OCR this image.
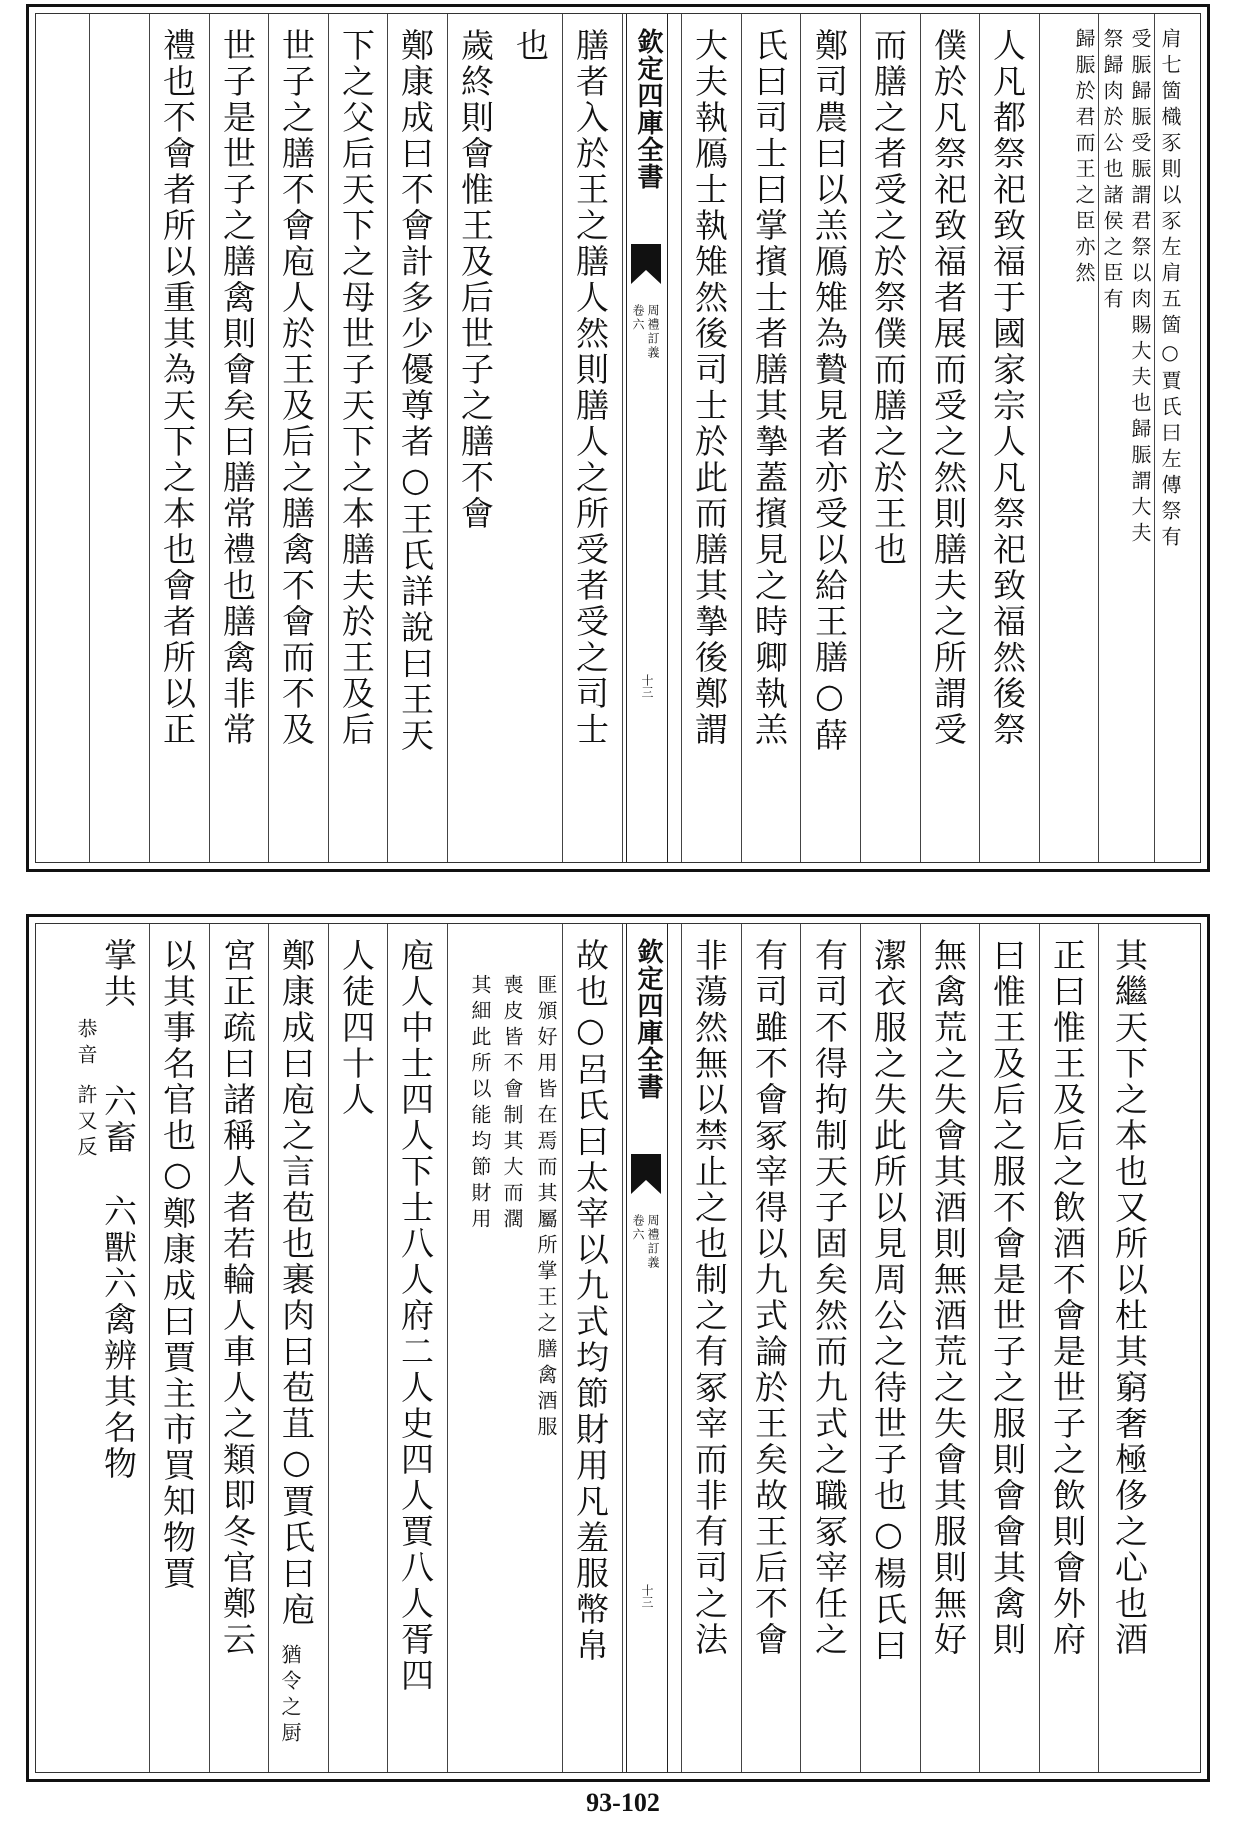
肩七箇樴豕則以豕左肩五箇○賈氏曰左傳祭有
受脤歸脤受脤謂君祭以肉賜大夫也歸脤謂大夫
祭歸肉於公也諸侯之臣有
歸脤於君而王之臣亦然
人凡都祭祀致福于國家宗人凡祭祀致福然後祭
僕於凡祭祀致福者展而受之然則膳夫之所謂受
而膳之者受之於祭僕而膳之於王也
鄭司農曰以羔鴈雉為贄見者亦受以給王膳○薛
氏曰司士曰掌擯士者膳其摯蓋擯見之時卿執羔
大夫執鴈士執雉然後司士於此而膳其摯後鄭謂
膳者入於王之膳人然則膳人之所受者受之司士
也
歲終則會惟王及后世子之膳不會
鄭康成曰不會計多少優尊者○王氏詳說曰王天
下之父后天下之母世子天下之本膳夫於王及后
世子之膳不會庖人於王及后之膳禽不會而不及
世子是世子之膳禽則會矣曰膳常禮也膳禽非常
禮也不會者所以重其為天下之本也會者所以正	欽定四庫全書
周禮訂義
卷六
十三
其繼天下之本也又所以杜其窮奢極侈之心也酒
正曰惟王及后之飲酒不會是世子之飲則會外府
曰惟王及后之服不會是世子之服則會會其禽則
無禽荒之失會其酒則無酒荒之失會其服則無好
潔衣服之失此所以見周公之待世子也○楊氏曰
有司不得拘制天子固矣然而九式之職冢宰任之
有司雖不會冢宰得以九式論於王矣故王后不會
非蕩然無以禁止之也制之有冢宰而非有司之法
故也○呂氏曰太宰以九式均節財用凡羞服幣帛
匪頒好用皆在焉而其屬所掌王之膳禽酒服
喪皮皆不會制其大而濶
其細此所以能均節財用
庖人中士四人下士八人府二人史四人賈八人胥四
人徒四十人
鄭康成曰庖之言苞也裹肉曰苞苴○賈氏曰庖
猶令之厨
宮正疏曰諸稱人者若輪人車人之類即冬官鄭云
以其事名官也○鄭康成曰賈主市買知物賈
掌共
恭音
六畜
許又反
六獸六禽辨其名物
欽定四庫全書
周禮訂義
卷六
十三
93-102
